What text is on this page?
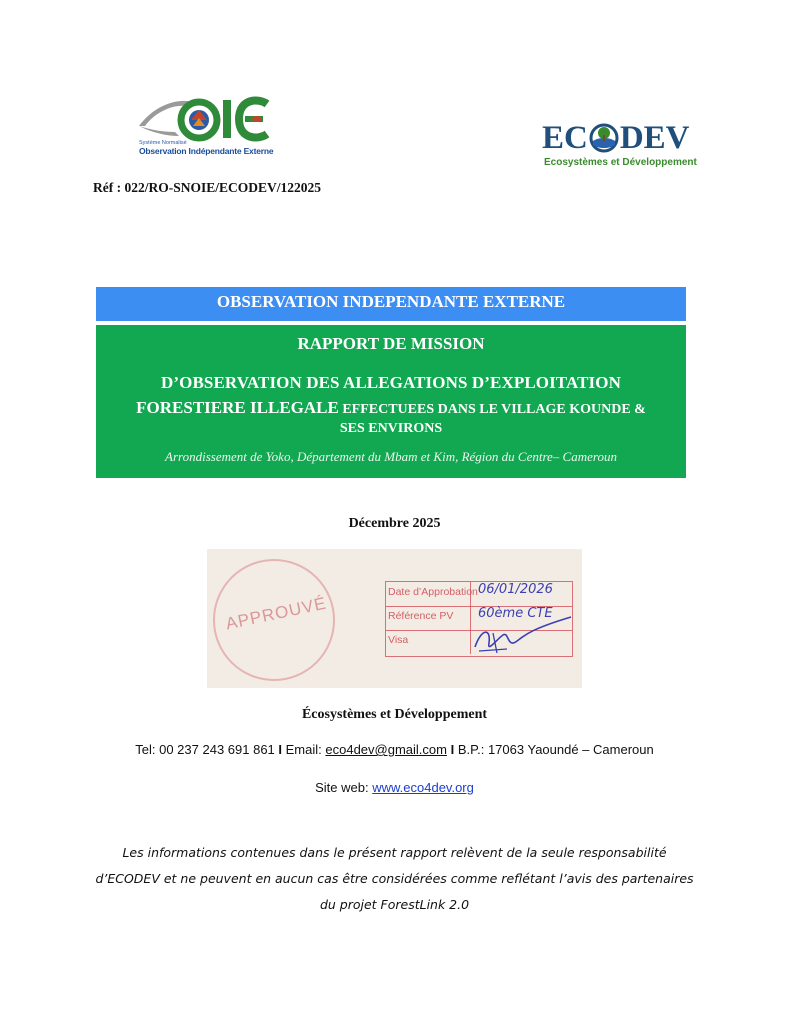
Système Normalisé
Observation Indépendante Externe	EC DEV
Ecosystèmes et Développement
Réf : 022/RO-SNOIE/ECODEV/122025
OBSERVATION INDEPENDANTE EXTERNE
RAPPORT DE MISSION
D’OBSERVATION DES ALLEGATIONS D’EXPLOITATION
FORESTIERE ILLEGALE EFFECTUEES DANS LE VILLAGE KOUNDE &
SES ENVIRONS
Arrondissement de Yoko, Département du Mbam et Kim, Région du Centre– Cameroun
Décembre 2025
APPROUVÉ
Date d’Approbation 06/01/2026
Référence PV	60ème CTE
Visa
Écosystèmes et Développement
Tel: 00 237 243 691 861 I Email: eco4dev@gmail.com I B.P.: 17063 Yaoundé – Cameroun
Site web: www.eco4dev.org
Les informations contenues dans le présent rapport relèvent de la seule responsabilité
d’ECODEV et ne peuvent en aucun cas être considérées comme reflétant l’avis des partenaires
du projet ForestLink 2.0
